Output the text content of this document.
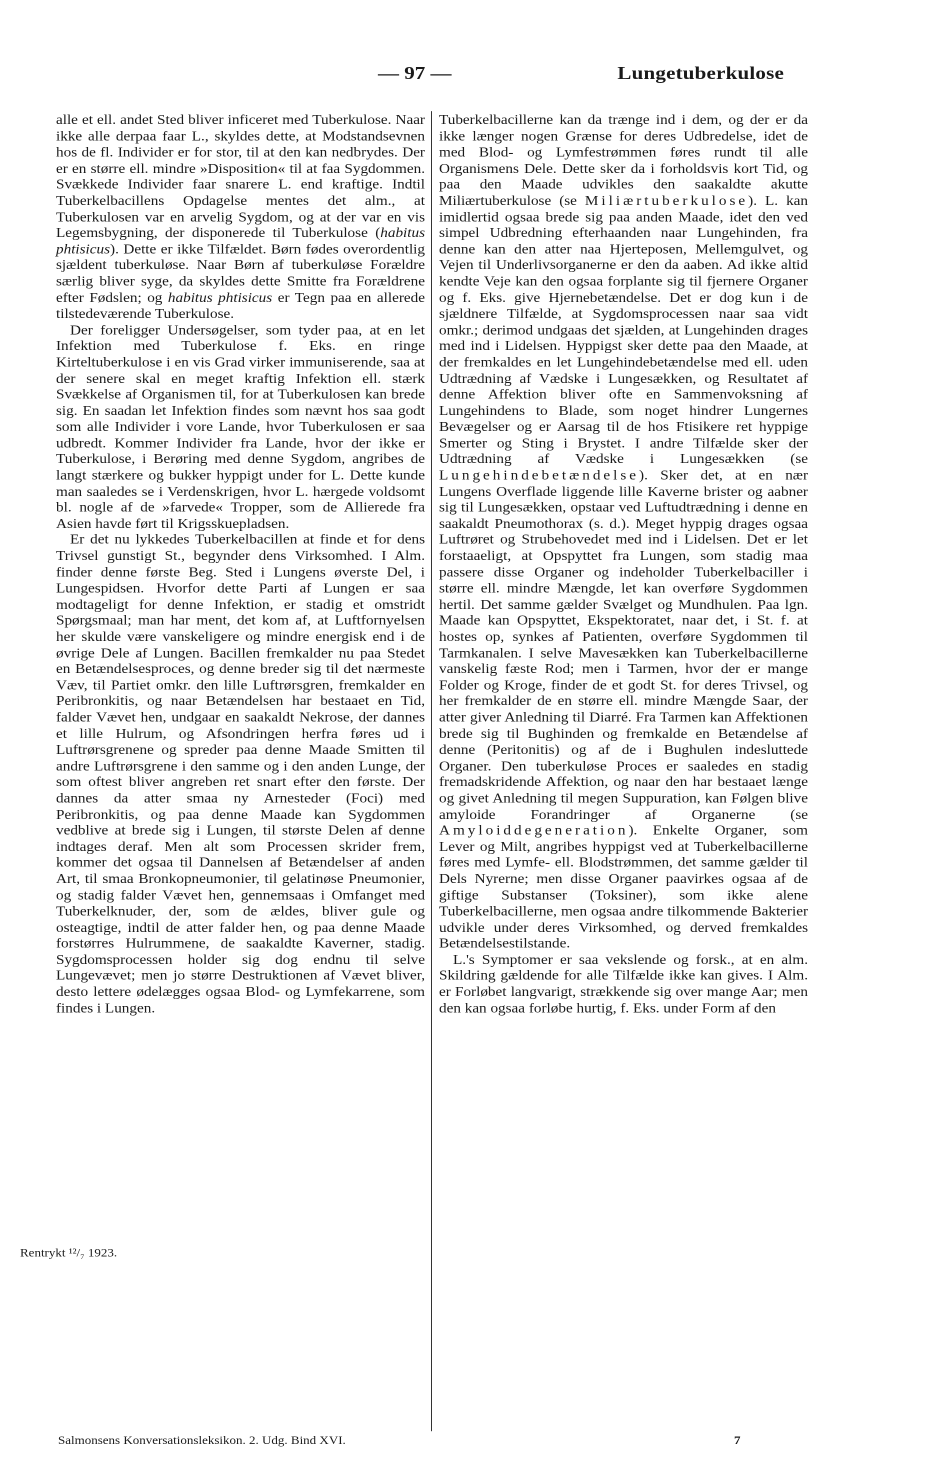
— 97 —	Lungetuberkulose

alle et ell. andet Sted bliver inficeret med Tuberkulose. Naar ikke alle derpaa faar L., skyldes dette, at Modstandsevnen hos de fl. Individer er for stor, til at den kan nedbrydes. Der er en større ell. mindre »Disposition« til at faa Sygdommen. Svækkede Individer faar snarere L. end kraftige. Indtil Tuberkelbacillens Opdagelse mentes det alm., at Tuberkulosen var en arvelig Sygdom, og at der var en vis Legemsbygning, der disponerede til Tuberkulose (habitus phtisicus). Dette er ikke Tilfældet. Børn fødes overordentlig sjældent tuberkuløse. Naar Børn af tuberkuløse Forældre særlig bliver syge, da skyldes dette Smitte fra Forældrene efter Fødslen; og habitus phtisicus er Tegn paa en allerede tilstedeværende Tuberkulose.

Der foreligger Undersøgelser, som tyder paa, at en let Infektion med Tuberkulose f. Eks. en ringe Kirteltuberkulose i en vis Grad virker immuniserende, saa at der senere skal en meget kraftig Infektion ell. stærk Svækkelse af Organismen til, for at Tuberkulosen kan brede sig. En saadan let Infektion findes som nævnt hos saa godt som alle Individer i vore Lande, hvor Tuberkulosen er saa udbredt. Kommer Individer fra Lande, hvor der ikke er Tuberkulose, i Berøring med denne Sygdom, angribes de langt stærkere og bukker hyppigt under for L. Dette kunde man saaledes se i Verdenskrigen, hvor L. hærgede voldsomt bl. nogle af de »farvede« Tropper, som de Allierede fra Asien havde ført til Krigsskuepladsen.

Er det nu lykkedes Tuberkelbacillen at finde et for dens Trivsel gunstigt St., begynder dens Virksomhed. I Alm. finder denne første Beg. Sted i Lungens øverste Del, i Lungespidsen. Hvorfor dette Parti af Lungen er saa modtageligt for denne Infektion, er stadig et omstridt Spørgsmaal; man har ment, det kom af, at Luftfornyelsen her skulde være vanskeligere og mindre energisk end i de øvrige Dele af Lungen. Bacillen fremkalder nu paa Stedet en Betændelsesproces, og denne breder sig til det nærmeste Væv, til Partiet omkr. den lille Luftrørsgren, fremkalder en Peribronkitis, og naar Betændelsen har bestaaet en Tid, falder Vævet hen, undgaar en saakaldt Nekrose, der dannes et lille Hulrum, og Afsondringen herfra føres ud i Luftrørsgrenene og spreder paa denne Maade Smitten til andre Luftrørsgrene i den samme og i den anden Lunge, der som oftest bliver angreben ret snart efter den første. Der dannes da atter smaa ny Arnesteder (Foci) med Peribronkitis, og paa denne Maade kan Sygdommen vedblive at brede sig i Lungen, til største Delen af denne indtages deraf. Men alt som Processen skrider frem, kommer det ogsaa til Dannelsen af Betændelser af anden Art, til smaa Bronkopneumonier, til gelatinøse Pneumonier, og stadig falder Vævet hen, gennemsaas i Omfanget med Tuberkelknuder, der, som de ældes, bliver gule og osteagtige, indtil de atter falder hen, og paa denne Maade forstørres Hulrummene, de saakaldte Kaverner, stadig. Sygdomsprocessen holder sig dog endnu til selve Lungevævet; men jo større Destruktionen af Vævet bliver, desto lettere ødelægges ogsaa Blod- og Lymfekarrene, som findes i Lungen.

Tuberkelbacillerne kan da trænge ind i dem, og der er da ikke længer nogen Grænse for deres Udbredelse, idet de med Blod- og Lymfestrømmen føres rundt til alle Organismens Dele. Dette sker da i forholdsvis kort Tid, og paa den Maade udvikles den saakaldte akutte Miliærtuberkulose (se Miliærtuberkulose). L. kan imidlertid ogsaa brede sig paa anden Maade, idet den ved simpel Udbredning efterhaanden naar Lungehinden, fra denne kan den atter naa Hjerteposen, Mellemgulvet, og Vejen til Underlivsorganerne er den da aaben. Ad ikke altid kendte Veje kan den ogsaa forplante sig til fjernere Organer og f. Eks. give Hjernebetændelse. Det er dog kun i de sjældnere Tilfælde, at Sygdomsprocessen naar saa vidt omkr.; derimod undgaas det sjælden, at Lungehinden drages med ind i Lidelsen. Hyppigst sker dette paa den Maade, at der fremkaldes en let Lungehindebetændelse med ell. uden Udtrædning af Vædske i Lungesækken, og Resultatet af denne Affektion bliver ofte en Sammenvoksning af Lungehindens to Blade, som noget hindrer Lungernes Bevægelser og er Aarsag til de hos Ftisikere ret hyppige Smerter og Sting i Brystet. I andre Tilfælde sker der Udtrædning af Vædske i Lungesækken (se Lungehindebetændelse). Sker det, at en nær Lungens Overflade liggende lille Kaverne brister og aabner sig til Lungesækken, opstaar ved Luftudtrædning i denne en saakaldt Pneumothorax (s. d.). Meget hyppig drages ogsaa Luftrøret og Strubehovedet med ind i Lidelsen. Det er let forstaaeligt, at Opspyttet fra Lungen, som stadig maa passere disse Organer og indeholder Tuberkelbaciller i større ell. mindre Mængde, let kan overføre Sygdommen hertil. Det samme gælder Svælget og Mundhulen. Paa lgn. Maade kan Opspyttet, Ekspektoratet, naar det, i St. f. at hostes op, synkes af Patienten, overføre Sygdommen til Tarmkanalen. I selve Mavesækken kan Tuberkelbacillerne vanskelig fæste Rod; men i Tarmen, hvor der er mange Folder og Kroge, finder de et godt St. for deres Trivsel, og her fremkalder de en større ell. mindre Mængde Saar, der atter giver Anledning til Diarré. Fra Tarmen kan Affektionen brede sig til Bughinden og fremkalde en Betændelse af denne (Peritonitis) og af de i Bughulen indesluttede Organer. Den tuberkuløse Proces er saaledes en stadig fremadskridende Affektion, og naar den har bestaaet længe og givet Anledning til megen Suppuration, kan Følgen blive amyloide Forandringer af Organerne (se Amyloiddegeneration). Enkelte Organer, som Lever og Milt, angribes hyppigst ved at Tuberkelbacillerne føres med Lymfe- ell. Blodstrømmen, det samme gælder til Dels Nyrerne; men disse Organer paavirkes ogsaa af de giftige Substanser (Toksiner), som ikke alene Tuberkelbacillerne, men ogsaa andre tilkommende Bakterier udvikle under deres Virksomhed, og derved fremkaldes Betændelsestilstande.

L.'s Symptomer er saa vekslende og forsk., at en alm. Skildring gældende for alle Tilfælde ikke kan gives. I Alm. er Forløbet langvarigt, strækkende sig over mange Aar; men den kan ogsaa forløbe hurtig, f. Eks. under Form af den

Salmonsens Konversationsleksikon. 2. Udg. Bind XVI.	7
Rentrykt ¹²/₇ 1923.
